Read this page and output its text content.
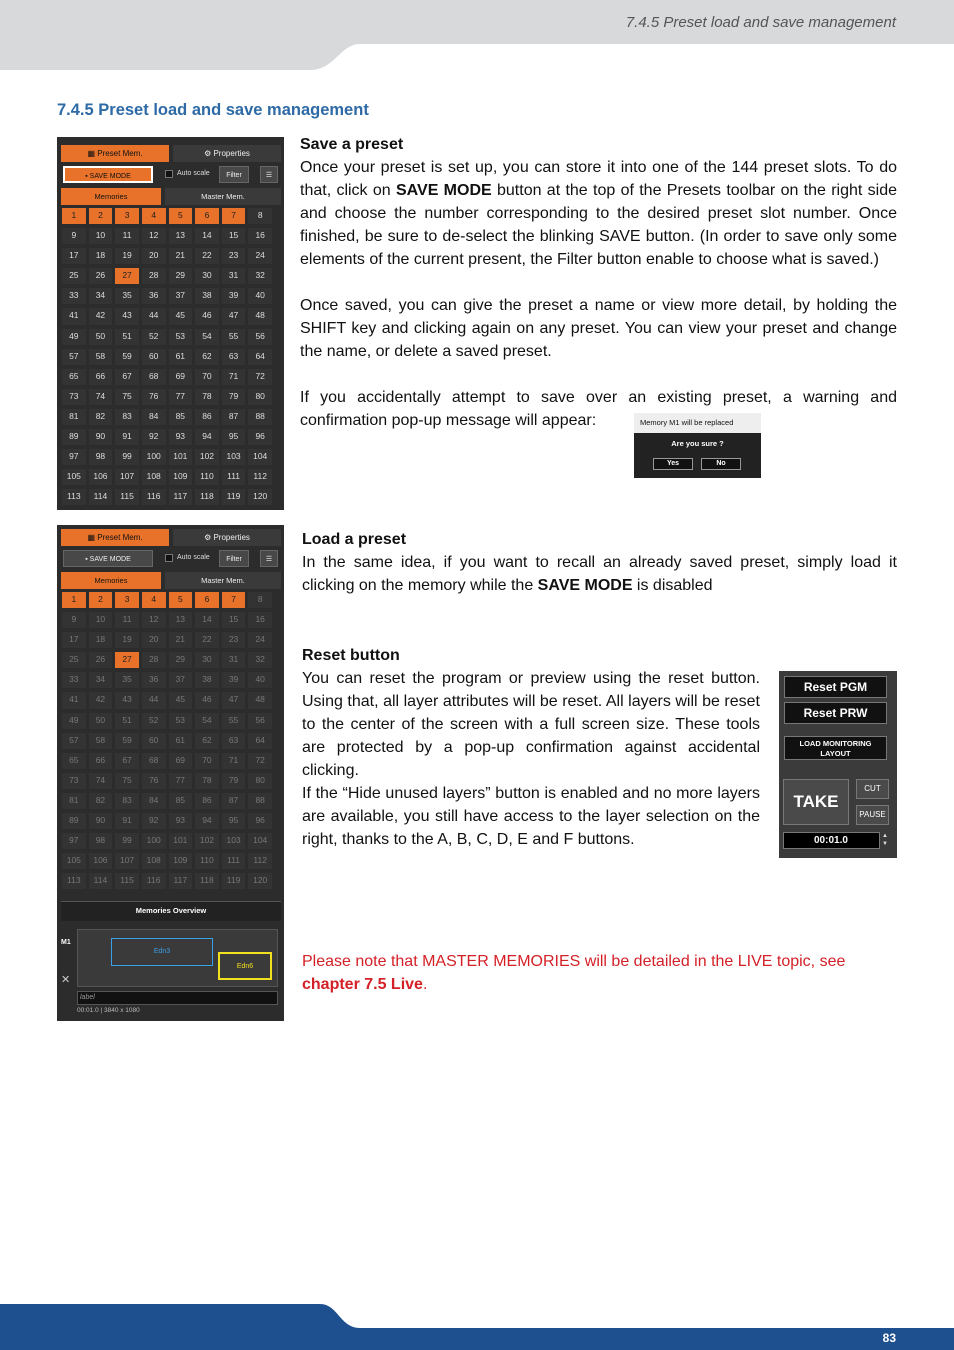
7.4.5 Preset load and save management
7.4.5 Preset load and save management
Save a preset

Once your preset is set up, you can store it into one of the 144 preset slots. To do that, click on SAVE MODE button at the top of the Presets toolbar on the right side and choose the number corresponding to the desired preset slot number. Once finished, be sure to de-select the blinking SAVE button. (In order to save only some elements of the current present, the Filter button enable to choose what is saved.)

Once saved, you can give the preset a name or view more detail, by holding the SHIFT key and clicking again on any preset. You can view your preset and change the name, or delete a saved preset.

If you accidentally attempt to save over an existing preset, a warning and confirmation pop-up message will appear:	Memory M1 will be replaced
Are you sure ?
Yes	No
Load a preset

In the same idea, if you want to recall an already saved preset, simply load it clicking on the memory while the SAVE MODE is disabled

Reset button

You can reset the program or preview using the reset button. Using that, all layer attributes will be reset. All layers will be reset to the center of the screen with a full screen size. These tools are protected by a pop-up confirmation against accidental clicking.

If the “Hide unused layers” button is enabled and no more layers are available, you still have access to the layer selection on the right, thanks to the A, B, C, D, E and F buttons.

Reset PGM
Reset PRW
LOAD MONITORING LAYOUT
TAKE
CUT
PAUSE
00:01.0	▲
▼

Please note that MASTER MEMORIES will be detailed in the LIVE topic, see chapter 7.5 Live.

▦ Preset Mem.	⚙ Properties
▪ SAVE MODE	Auto scale	Filter	☰
Memories	Master Mem.
1	2	3	4	5	6	7	8
9	10	11	12	13	14	15	16
17	18	19	20	21	22	23	24
25	26	27	28	29	30	31	32
33	34	35	36	37	38	39	40
41	42	43	44	45	46	47	48
49	50	51	52	53	54	55	56
57	58	59	60	61	62	63	64
65	66	67	68	69	70	71	72
73	74	75	76	77	78	79	80
81	82	83	84	85	86	87	88
89	90	91	92	93	94	95	96
97	98	99	100	101	102	103	104
105	106	107	108	109	110	111	112
113	114	115	116	117	118	119	120
▦ Preset Mem.	⚙ Properties
▪ SAVE MODE	Auto scale	Filter	☰
Memories	Master Mem.
1	2	3	4	5	6	7	8
9	10	11	12	13	14	15	16
17	18	19	20	21	22	23	24
25	26	27	28	29	30	31	32
33	34	35	36	37	38	39	40
41	42	43	44	45	46	47	48
49	50	51	52	53	54	55	56
57	58	59	60	61	62	63	64
65	66	67	68	69	70	71	72
73	74	75	76	77	78	79	80
81	82	83	84	85	86	87	88
89	90	91	92	93	94	95	96
97	98	99	100	101	102	103	104
105	106	107	108	109	110	111	112
113	114	115	116	117	118	119	120
Memories Overview
M1
✕
Edn3
Edn6
label
00:01.0 | 3840 x 1080
83
